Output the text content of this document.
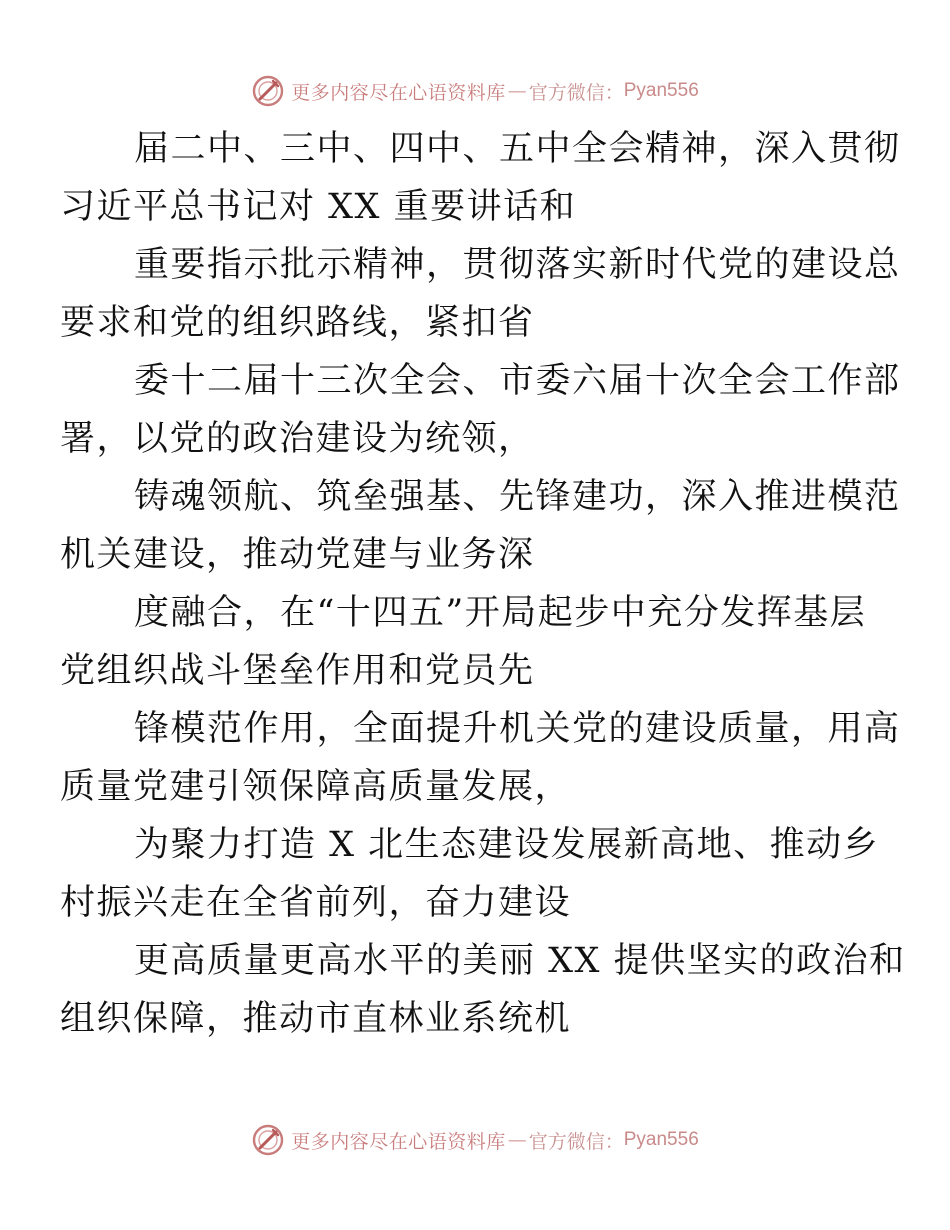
更多内容尽在心语资料库 — 官方微信： Pyan556

届二中、三中、四中、五中全会精神，深入贯彻
习近平总书记对 XX 重要讲话和

重要指示批示精神，贯彻落实新时代党的建设总
要求和党的组织路线，紧扣省

委十二届十三次全会、市委六届十次全会工作部
署，以党的政治建设为统领，

铸魂领航、筑垒强基、先锋建功，深入推进模范
机关建设，推动党建与业务深

度融合，在“十四五”开局起步中充分发挥基层
党组织战斗堡垒作用和党员先

锋模范作用，全面提升机关党的建设质量，用高
质量党建引领保障高质量发展，

为聚力打造 X 北生态建设发展新高地、推动乡
村振兴走在全省前列，奋力建设

更高质量更高水平的美丽 XX 提供坚实的政治和
组织保障，推动市直林业系统机

更多内容尽在心语资料库 — 官方微信： Pyan556
